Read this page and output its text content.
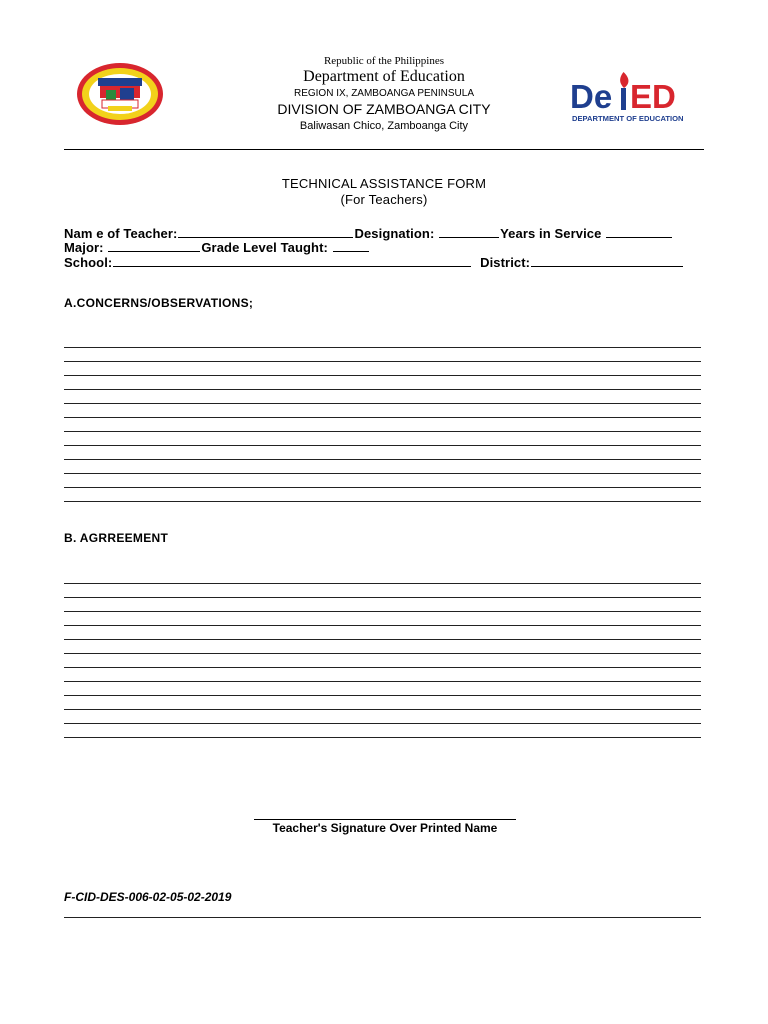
Republic of the Philippines
Department of Education
REGION IX, ZAMBOANGA PENINSULA
DIVISION OF ZAMBOANGA CITY
Baliwasan Chico, Zamboanga City
De ED
DEPARTMENT OF EDUCATION
TECHNICAL ASSISTANCE FORM
(For Teachers)
Nam e of Teacher:	Designation:	Years in Service
Major:	Grade Level Taught:
School:	District:
A.CONCERNS/OBSERVATIONS;
B. AGRREEMENT
Teacher's Signature Over Printed Name
F-CID-DES-006-02-05-02-2019
